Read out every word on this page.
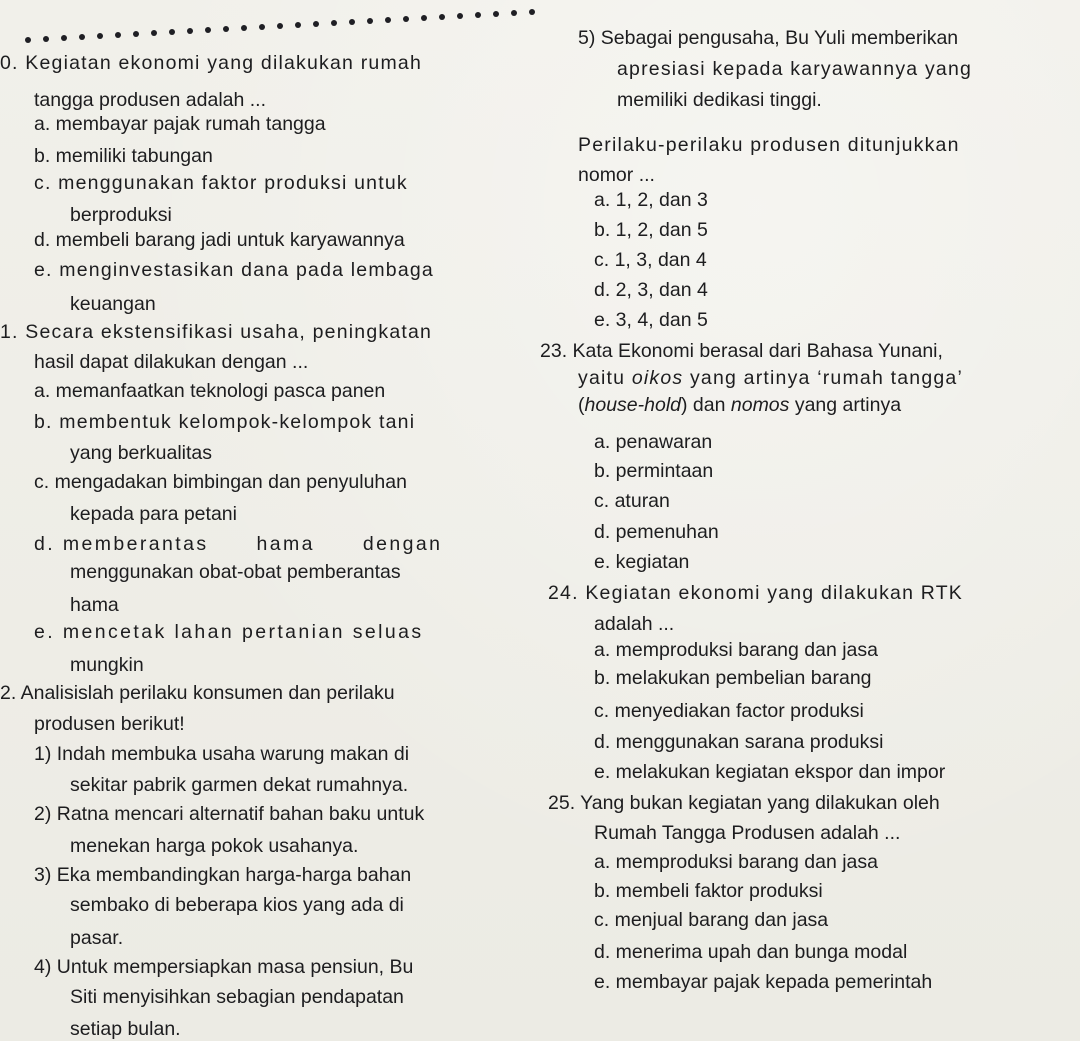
0. Kegiatan ekonomi yang dilakukan rumah
tangga produsen adalah ...
a. membayar pajak rumah tangga
b. memiliki tabungan
c. menggunakan faktor produksi untuk
berproduksi
d. membeli barang jadi untuk karyawannya
e. menginvestasikan dana pada lembaga
keuangan
1. Secara ekstensifikasi usaha, peningkatan
hasil dapat dilakukan dengan ...
a. memanfaatkan teknologi pasca panen
b. membentuk kelompok-kelompok tani
yang berkualitas
c. mengadakan bimbingan dan penyuluhan
kepada para petani
d. memberantas hama dengan
menggunakan obat-obat pemberantas
hama
e. mencetak lahan pertanian seluas
mungkin
2. Analisislah perilaku konsumen dan perilaku
produsen berikut!
1) Indah membuka usaha warung makan di
sekitar pabrik garmen dekat rumahnya.
2) Ratna mencari alternatif bahan baku untuk
menekan harga pokok usahanya.
3) Eka membandingkan harga-harga bahan
sembako di beberapa kios yang ada di
pasar.
4) Untuk mempersiapkan masa pensiun, Bu
Siti menyisihkan sebagian pendapatan
setiap bulan.
5) Sebagai pengusaha, Bu Yuli memberikan
apresiasi kepada karyawannya yang
memiliki dedikasi tinggi.
Perilaku-perilaku produsen ditunjukkan
nomor ...
a. 1, 2, dan 3
b. 1, 2, dan 5
c. 1, 3, dan 4
d. 2, 3, dan 4
e. 3, 4, dan 5
23. Kata Ekonomi berasal dari Bahasa Yunani,
yaitu oikos yang artinya ‘rumah tangga’
(house-hold) dan nomos yang artinya
a. penawaran
b. permintaan
c. aturan
d. pemenuhan
e. kegiatan
24. Kegiatan ekonomi yang dilakukan RTK
adalah ...
a. memproduksi barang dan jasa
b. melakukan pembelian barang
c. menyediakan factor produksi
d. menggunakan sarana produksi
e. melakukan kegiatan ekspor dan impor
25. Yang bukan kegiatan yang dilakukan oleh
Rumah Tangga Produsen adalah ...
a. memproduksi barang dan jasa
b. membeli faktor produksi
c. menjual barang dan jasa
d. menerima upah dan bunga modal
e. membayar pajak kepada pemerintah
